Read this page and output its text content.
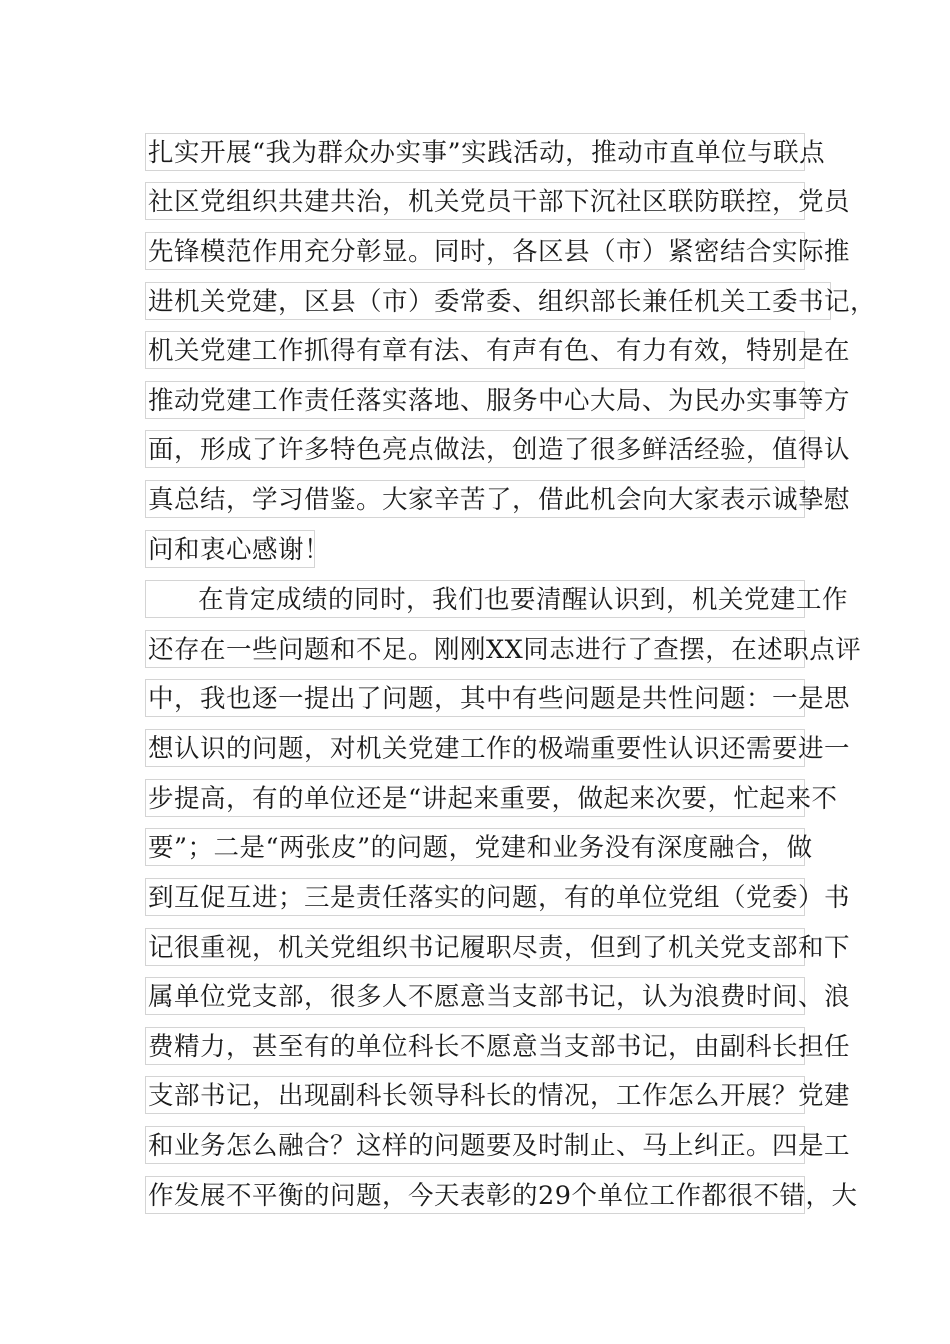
扎实开展“我为群众办实事”实践活动，推动市直单位与联点
社区党组织共建共治，机关党员干部下沉社区联防联控，党员
先锋模范作用充分彰显。同时，各区县（市）紧密结合实际推
进机关党建，区县（市）委常委、组织部长兼任机关工委书记，
机关党建工作抓得有章有法、有声有色、有力有效，特别是在
推动党建工作责任落实落地、服务中心大局、为民办实事等方
面，形成了许多特色亮点做法，创造了很多鲜活经验，值得认
真总结，学习借鉴。大家辛苦了，借此机会向大家表示诚挚慰
问和衷心感谢！
在肯定成绩的同时，我们也要清醒认识到，机关党建工作
还存在一些问题和不足。刚刚XX同志进行了查摆，在述职点评
中，我也逐一提出了问题，其中有些问题是共性问题：一是思
想认识的问题，对机关党建工作的极端重要性认识还需要进一
步提高，有的单位还是“讲起来重要，做起来次要，忙起来不
要”；二是“两张皮”的问题，党建和业务没有深度融合，做
到互促互进；三是责任落实的问题，有的单位党组（党委）书
记很重视，机关党组织书记履职尽责，但到了机关党支部和下
属单位党支部，很多人不愿意当支部书记，认为浪费时间、浪
费精力，甚至有的单位科长不愿意当支部书记，由副科长担任
支部书记，出现副科长领导科长的情况，工作怎么开展？党建
和业务怎么融合？这样的问题要及时制止、马上纠正。四是工
作发展不平衡的问题，今天表彰的29个单位工作都很不错，大
